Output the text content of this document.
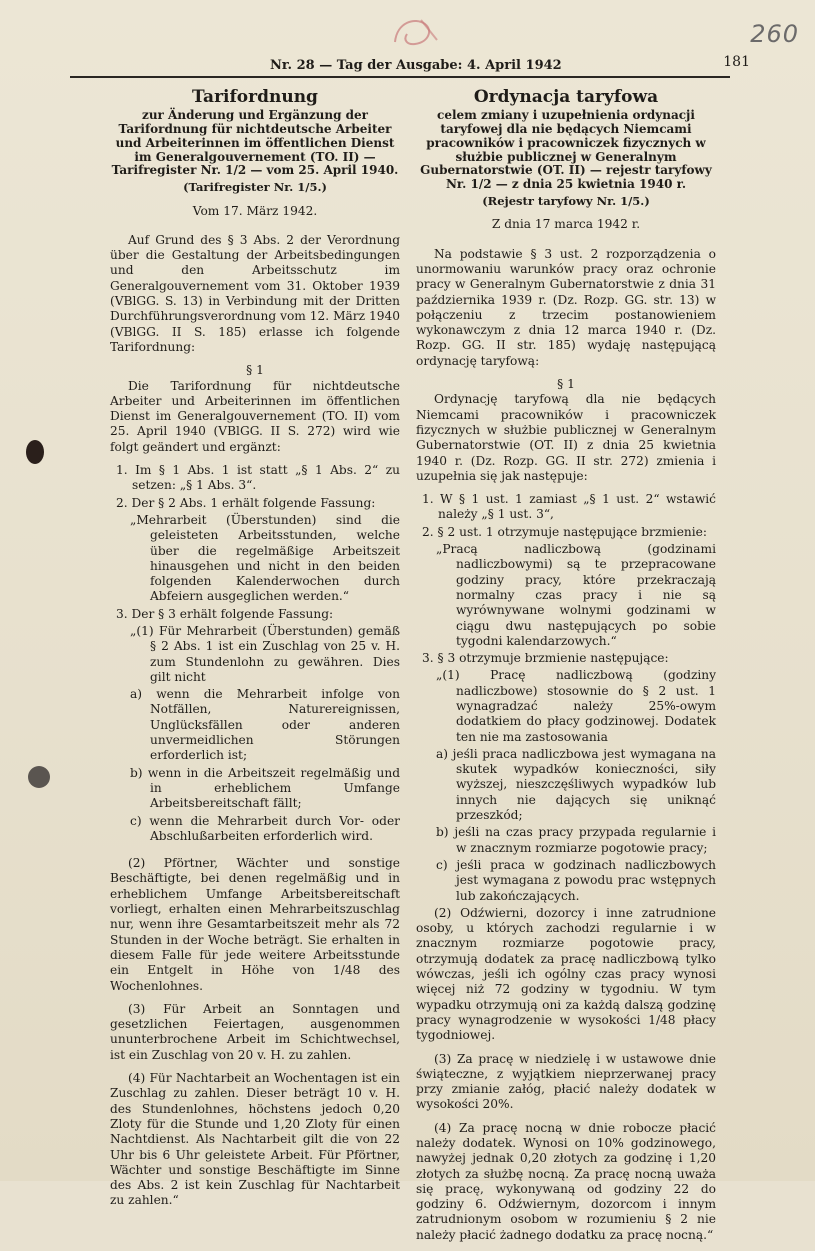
260
Nr. 28 — Tag der Ausgabe: 4. April 1942	181
Tarifordnung
zur Änderung und Ergänzung der Tarifordnung für nichtdeutsche Arbeiter und Arbeiterinnen im öffentlichen Dienst im Generalgouvernement (TO. II) — Tarifregister Nr. 1/2 — vom 25. April 1940.
(Tarifregister Nr. 1/5.)
Vom 17. März 1942.

Auf Grund des § 3 Abs. 2 der Verordnung über die Gestaltung der Arbeitsbedingungen und den Arbeitsschutz im Generalgouvernement vom 31. Oktober 1939 (VBlGG. S. 13) in Verbindung mit der Dritten Durchführungsverordnung vom 12. März 1940 (VBlGG. II S. 185) erlasse ich folgende Tarifordnung:

§ 1

Die Tarifordnung für nichtdeutsche Arbeiter und Arbeiterinnen im öffentlichen Dienst im Generalgouvernement (TO. II) vom 25. April 1940 (VBlGG. II S. 272) wird wie folgt geändert und ergänzt:

1. Im § 1 Abs. 1 ist statt „§ 1 Abs. 2“ zu setzen: „§ 1 Abs. 3“.
2. Der § 2 Abs. 1 erhält folgende Fassung:

„Mehrarbeit (Überstunden) sind die geleisteten Arbeitsstunden, welche über die regelmäßige Arbeitszeit hinausgehen und nicht in den beiden folgenden Kalenderwochen durch Abfeiern ausgeglichen werden.“

3. Der § 3 erhält folgende Fassung:

„(1) Für Mehrarbeit (Überstunden) gemäß § 2 Abs. 1 ist ein Zuschlag von 25 v. H. zum Stundenlohn zu gewähren. Dies gilt nicht

a) wenn die Mehrarbeit infolge von Notfällen, Naturereignissen, Unglücksfällen oder anderen unvermeidlichen Störungen erforderlich ist;
b) wenn in die Arbeitszeit regelmäßig und in erheblichem Umfange Arbeitsbereitschaft fällt;
c) wenn die Mehrarbeit durch Vor- oder Abschlußarbeiten erforderlich wird.

(2) Pförtner, Wächter und sonstige Beschäftigte, bei denen regelmäßig und in erheblichem Umfange Arbeitsbereitschaft vorliegt, erhalten einen Mehrarbeitszuschlag nur, wenn ihre Gesamtarbeitszeit mehr als 72 Stunden in der Woche beträgt. Sie erhalten in diesem Falle für jede weitere Arbeitsstunde ein Entgelt in Höhe von 1/48 des Wochenlohnes.

(3) Für Arbeit an Sonntagen und gesetzlichen Feiertagen, ausgenommen ununterbrochene Arbeit im Schichtwechsel, ist ein Zuschlag von 20 v. H. zu zahlen.

(4) Für Nachtarbeit an Wochentagen ist ein Zuschlag zu zahlen. Dieser beträgt 10 v. H. des Stundenlohnes, höchstens jedoch 0,20 Zloty für die Stunde und 1,20 Zloty für einen Nachtdienst. Als Nachtarbeit gilt die von 22 Uhr bis 6 Uhr geleistete Arbeit. Für Pförtner, Wächter und sonstige Beschäftigte im Sinne des Abs. 2 ist kein Zuschlag für Nachtarbeit zu zahlen.“

Ordynacja taryfowa
celem zmiany i uzupełnienia ordynacji taryfowej dla nie będących Niemcami pracowników i pracowniczek fizycznych w służbie publicznej w Generalnym Gubernatorstwie (OT. II) — rejestr taryfowy Nr. 1/2 — z dnia 25 kwietnia 1940 r.
(Rejestr taryfowy Nr. 1/5.)
Z dnia 17 marca 1942 r.

Na podstawie § 3 ust. 2 rozporządzenia o unormowaniu warunków pracy oraz ochronie pracy w Generalnym Gubernatorstwie z dnia 31 października 1939 r. (Dz. Rozp. GG. str. 13) w połączeniu z trzecim postanowieniem wykonawczym z dnia 12 marca 1940 r. (Dz. Rozp. GG. II str. 185) wydaję następującą ordynację taryfową:

§ 1

Ordynację taryfową dla nie będących Niemcami pracowników i pracowniczek fizycznych w służbie publicznej w Generalnym Gubernatorstwie (OT. II) z dnia 25 kwietnia 1940 r. (Dz. Rozp. GG. II str. 272) zmienia i uzupełnia się jak następuje:

1. W § 1 ust. 1 zamiast „§ 1 ust. 2“ wstawić należy „§ 1 ust. 3“,
2. § 2 ust. 1 otrzymuje następujące brzmienie:

„Pracą nadliczbową (godzinami nadliczbowymi) są te przepracowane godziny pracy, które przekraczają normalny czas pracy i nie są wyrównywane wolnymi godzinami w ciągu dwu następujących po sobie tygodni kalendarzowych.“

3. § 3 otrzymuje brzmienie następujące:

„(1) Pracę nadliczbową (godziny nadliczbowe) stosownie do § 2 ust. 1 wynagradzać należy 25%-owym dodatkiem do płacy godzinowej. Dodatek ten nie ma zastosowania

a) jeśli praca nadliczbowa jest wymagana na skutek wypadków konieczności, siły wyższej, nieszczęśliwych wypadków lub innych nie dających się uniknąć przeszkód;
b) jeśli na czas pracy przypada regularnie i w znacznym rozmiarze pogotowie pracy;
c) jeśli praca w godzinach nadliczbowych jest wymagana z powodu prac wstępnych lub zakończających.

(2) Odźwierni, dozorcy i inne zatrudnione osoby, u których zachodzi regularnie i w znacznym rozmiarze pogotowie pracy, otrzymują dodatek za pracę nadliczbową tylko wówczas, jeśli ich ogólny czas pracy wynosi więcej niż 72 godziny w tygodniu. W tym wypadku otrzymują oni za każdą dalszą godzinę pracy wynagrodzenie w wysokości 1/48 płacy tygodniowej.

(3) Za pracę w niedzielę i w ustawowe dnie świąteczne, z wyjątkiem nieprzerwanej pracy przy zmianie załóg, płacić należy dodatek w wysokości 20%.

(4) Za pracę nocną w dnie robocze płacić należy dodatek. Wynosi on 10% godzinowego, nawyżej jednak 0,20 złotych za godzinę i 1,20 złotych za służbę nocną. Za pracę nocną uważa się pracę, wykonywaną od godziny 22 do godziny 6. Odźwiernym, dozorcom i innym zatrudnionym osobom w rozumieniu § 2 nie należy płacić żadnego dodatku za pracę nocną.“
